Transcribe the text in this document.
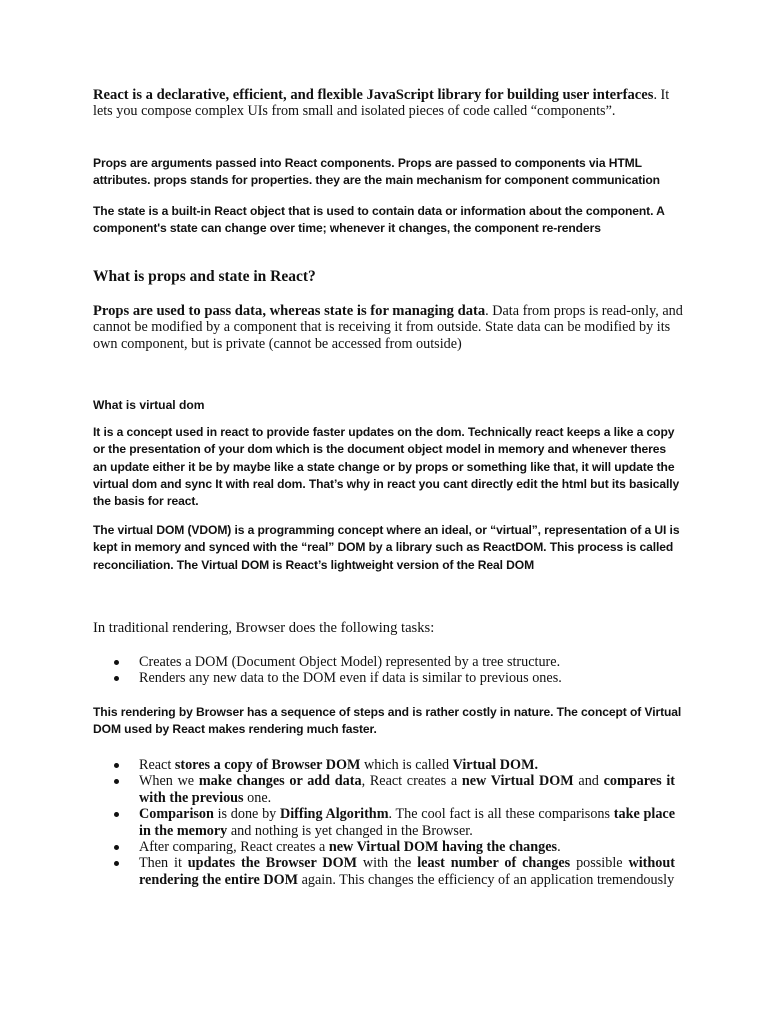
React is a declarative, efficient, and flexible JavaScript library for building user interfaces. It lets you compose complex UIs from small and isolated pieces of code called “components”.

Props are arguments passed into React components. Props are passed to components via HTML attributes. props stands for properties. they are the main mechanism for component communication

The state is a built-in React object that is used to contain data or information about the component. A component's state can change over time; whenever it changes, the component re-renders

What is props and state in React?

Props are used to pass data, whereas state is for managing data. Data from props is read-only, and cannot be modified by a component that is receiving it from outside. State data can be modified by its own component, but is private (cannot be accessed from outside)

What is virtual dom

It is a concept used in react to provide faster updates on the dom. Technically react keeps a like a copy or the presentation of your dom which is the document object model in memory and whenever theres an update either it be by maybe like a state change or by props or something like that, it will update the virtual dom and sync It with real dom. That’s why in react you cant directly edit the html but its basically the basis for react.

The virtual DOM (VDOM) is a programming concept where an ideal, or “virtual”, representation of a UI is kept in memory and synced with the “real” DOM by a library such as ReactDOM. This process is called reconciliation. The Virtual DOM is React’s lightweight version of the Real DOM

In traditional rendering, Browser does the following tasks:

Creates a DOM (Document Object Model) represented by a tree structure.
Renders any new data to the DOM even if data is similar to previous ones.

This rendering by Browser has a sequence of steps and is rather costly in nature. The concept of Virtual DOM used by React makes rendering much faster.

React stores a copy of Browser DOM which is called Virtual DOM.
When we make changes or add data, React creates a new Virtual DOM and compares it with the previous one.
Comparison is done by Diffing Algorithm. The cool fact is all these comparisons take place in the memory and nothing is yet changed in the Browser.
After comparing, React creates a new Virtual DOM having the changes.
Then it updates the Browser DOM with the least number of changes possible without rendering the entire DOM again. This changes the efficiency of an application tremendously
